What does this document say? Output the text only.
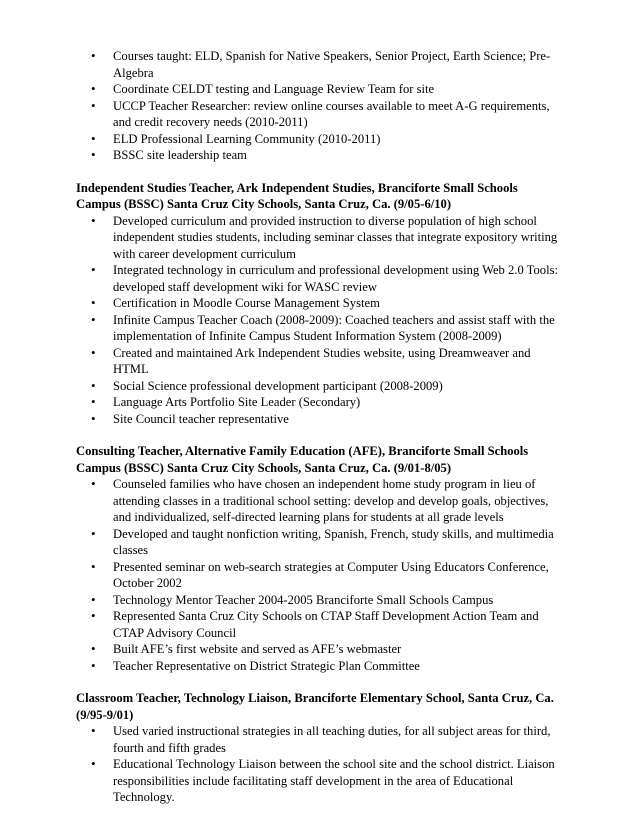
• Courses taught: ELD, Spanish for Native Speakers, Senior Project, Earth Science; Pre-Algebra
• Coordinate CELDT testing and Language Review Team for site
• UCCP Teacher Researcher: review online courses available to meet A-G requirements, and credit recovery needs (2010-2011)
• ELD Professional Learning Community (2010-2011)
• BSSC site leadership team

Independent Studies Teacher, Ark Independent Studies, Branciforte Small Schools
Campus (BSSC) Santa Cruz City Schools, Santa Cruz, Ca. (9/05-6/10)

• Developed curriculum and provided instruction to diverse population of high school independent studies students, including seminar classes that integrate expository writing with career development curriculum
• Integrated technology in curriculum and professional development using Web 2.0 Tools: developed staff development wiki for WASC review
• Certification in Moodle Course Management System
• Infinite Campus Teacher Coach (2008-2009): Coached teachers and assist staff with the implementation of Infinite Campus Student Information System (2008-2009)
• Created and maintained Ark Independent Studies website, using Dreamweaver and HTML
• Social Science professional development participant (2008-2009)
• Language Arts Portfolio Site Leader (Secondary)
• Site Council teacher representative

Consulting Teacher, Alternative Family Education (AFE), Branciforte Small Schools
Campus (BSSC) Santa Cruz City Schools, Santa Cruz, Ca. (9/01-8/05)

• Counseled families who have chosen an independent home study program in lieu of attending classes in a traditional school setting: develop and develop goals, objectives, and individualized, self-directed learning plans for students at all grade levels
• Developed and taught nonfiction writing, Spanish, French, study skills, and multimedia classes
• Presented seminar on web-search strategies at Computer Using Educators Conference, October 2002
• Technology Mentor Teacher 2004-2005 Branciforte Small Schools Campus
• Represented Santa Cruz City Schools on CTAP Staff Development Action Team and CTAP Advisory Council
• Built AFE’s first website and served as AFE’s webmaster
• Teacher Representative on District Strategic Plan Committee

Classroom Teacher, Technology Liaison, Branciforte Elementary School, Santa Cruz, Ca.
(9/95-9/01)

• Used varied instructional strategies in all teaching duties, for all subject areas for third, fourth and fifth grades
• Educational Technology Liaison between the school site and the school district. Liaison responsibilities include facilitating staff development in the area of Educational Technology.
